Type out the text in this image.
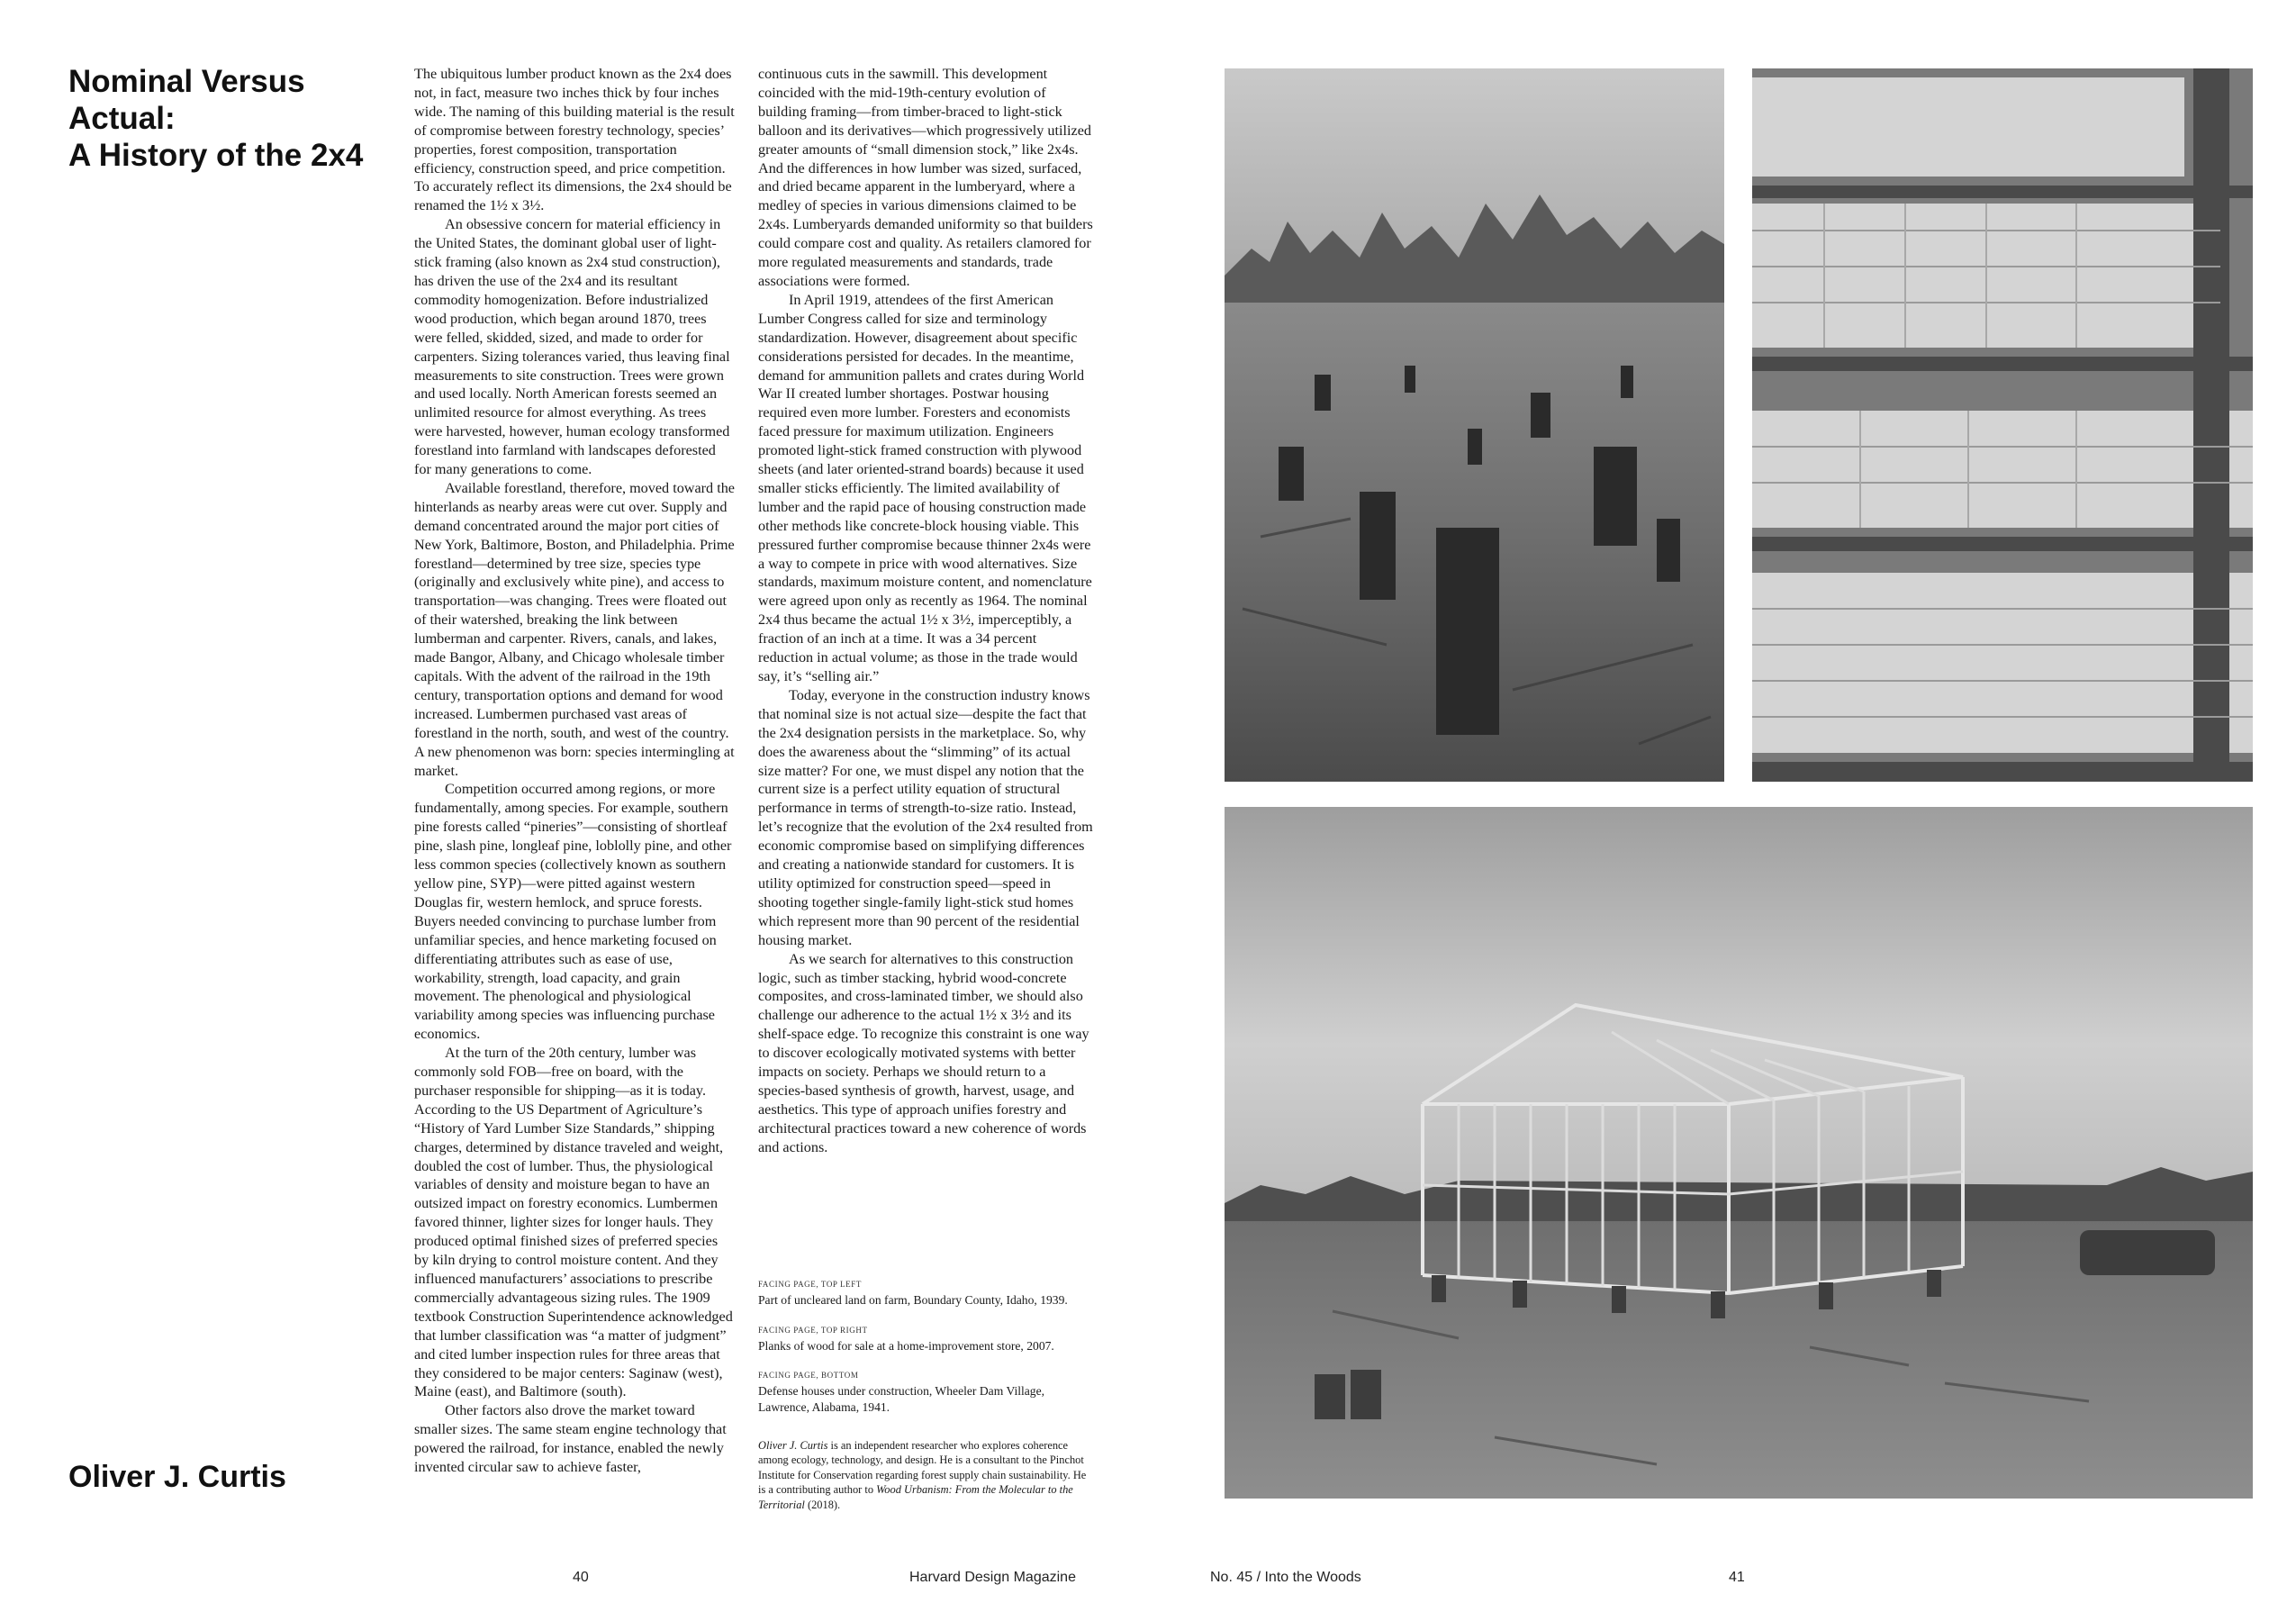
Nominal Versus Actual:
A History of the 2x4
Oliver J. Curtis

The ubiquitous lumber product known as the 2x4 does not, in fact, measure two inches thick by four inches wide. The naming of this building material is the result of compromise between forestry technology, species’ properties, forest composition, transportation efficiency, construction speed, and price competition. To accurately reflect its dimensions, the 2x4 should be renamed the 1½ x 3½.

An obsessive concern for material efficiency in the United States, the dominant global user of light-stick framing (also known as 2x4 stud construction), has driven the use of the 2x4 and its resultant commodity homogenization. Before industrialized wood production, which began around 1870, trees were felled, skidded, sized, and made to order for carpenters. Sizing tolerances varied, thus leaving final measurements to site construction. Trees were grown and used locally. North American forests seemed an unlimited resource for almost everything. As trees were harvested, however, human ecology transformed forestland into farmland with landscapes deforested for many generations to come.

Available forestland, therefore, moved toward the hinterlands as nearby areas were cut over. Supply and demand concentrated around the major port cities of New York, Baltimore, Boston, and Philadelphia. Prime forestland—determined by tree size, species type (originally and exclusively white pine), and access to transportation—was changing. Trees were floated out of their watershed, breaking the link between lumberman and carpenter. Rivers, canals, and lakes, made Bangor, Albany, and Chicago wholesale timber capitals. With the advent of the railroad in the 19th century, transportation options and demand for wood increased. Lumbermen purchased vast areas of forestland in the north, south, and west of the country. A new phenomenon was born: species intermingling at market.

Competition occurred among regions, or more fundamentally, among species. For example, southern pine forests called “pineries”—consisting of shortleaf pine, slash pine, longleaf pine, loblolly pine, and other less common species (collectively known as southern yellow pine, SYP)—were pitted against western Douglas fir, western hemlock, and spruce forests. Buyers needed convincing to purchase lumber from unfamiliar species, and hence marketing focused on differentiating attributes such as ease of use, workability, strength, load capacity, and grain movement. The phenological and physiological variability among species was influencing purchase economics.

At the turn of the 20th century, lumber was commonly sold FOB—free on board, with the purchaser responsible for shipping—as it is today. According to the US Department of Agriculture’s “History of Yard Lumber Size Standards,” shipping charges, determined by distance traveled and weight, doubled the cost of lumber. Thus, the physiological variables of density and moisture began to have an outsized impact on forestry economics. Lumbermen favored thinner, lighter sizes for longer hauls. They produced optimal finished sizes of preferred species by kiln drying to control moisture content. And they influenced manufacturers’ associations to prescribe commercially advantageous sizing rules. The 1909 textbook Construction Superintendence acknowledged that lumber classification was “a matter of judgment” and cited lumber inspection rules for three areas that they considered to be major centers: Saginaw (west), Maine (east), and Baltimore (south).

Other factors also drove the market toward smaller sizes. The same steam engine technology that powered the railroad, for instance, enabled the newly invented circular saw to achieve faster,

continuous cuts in the sawmill. This development coincided with the mid-19th-century evolution of building framing—from timber-braced to light-stick balloon and its derivatives—which progressively utilized greater amounts of “small dimension stock,” like 2x4s. And the differences in how lumber was sized, surfaced, and dried became apparent in the lumberyard, where a medley of species in various dimensions claimed to be 2x4s. Lumberyards demanded uniformity so that builders could compare cost and quality. As retailers clamored for more regulated measurements and standards, trade associations were formed.

In April 1919, attendees of the first American Lumber Congress called for size and terminology standardization. However, disagreement about specific considerations persisted for decades. In the meantime, demand for ammunition pallets and crates during World War II created lumber shortages. Postwar housing required even more lumber. Foresters and economists faced pressure for maximum utilization. Engineers promoted light-stick framed construction with plywood sheets (and later oriented-strand boards) because it used smaller sticks efficiently. The limited availability of lumber and the rapid pace of housing construction made other methods like concrete-block housing viable. This pressured further compromise because thinner 2x4s were a way to compete in price with wood alternatives. Size standards, maximum moisture content, and nomenclature were agreed upon only as recently as 1964. The nominal 2x4 thus became the actual 1½ x 3½, imperceptibly, a fraction of an inch at a time. It was a 34 percent reduction in actual volume; as those in the trade would say, it’s “selling air.”

Today, everyone in the construction industry knows that nominal size is not actual size—despite the fact that the 2x4 designation persists in the marketplace. So, why does the awareness about the “slimming” of its actual size matter? For one, we must dispel any notion that the current size is a perfect utility equation of structural performance in terms of strength-to-size ratio. Instead, let’s recognize that the evolution of the 2x4 resulted from economic compromise based on simplifying differences and creating a nationwide standard for customers. It is utility optimized for construction speed—speed in shooting together single-family light-stick stud homes which represent more than 90 percent of the residential housing market.

As we search for alternatives to this construction logic, such as timber stacking, hybrid wood-concrete composites, and cross-laminated timber, we should also challenge our adherence to the actual 1½ x 3½ and its shelf-space edge. To recognize this constraint is one way to discover ecologically motivated systems with better impacts on society. Perhaps we should return to a species-based synthesis of growth, harvest, usage, and aesthetics. This type of approach unifies forestry and architectural practices toward a new coherence of words and actions.

FACING PAGE, TOP LEFT

Part of uncleared land on farm, Boundary County, Idaho, 1939.

FACING PAGE, TOP RIGHT

Planks of wood for sale at a home-improvement store, 2007.

FACING PAGE, BOTTOM

Defense houses under construction, Wheeler Dam Village, Lawrence, Alabama, 1941.

Oliver J. Curtis is an independent researcher who explores coherence among ecology, technology, and design. He is a consultant to the Pinchot Institute for Conservation regarding forest supply chain sustainability. He is a contributing author to Wood Urbanism: From the Molecular to the Territorial (2018).
40	Harvard Design Magazine	No. 45 / Into the Woods	41
